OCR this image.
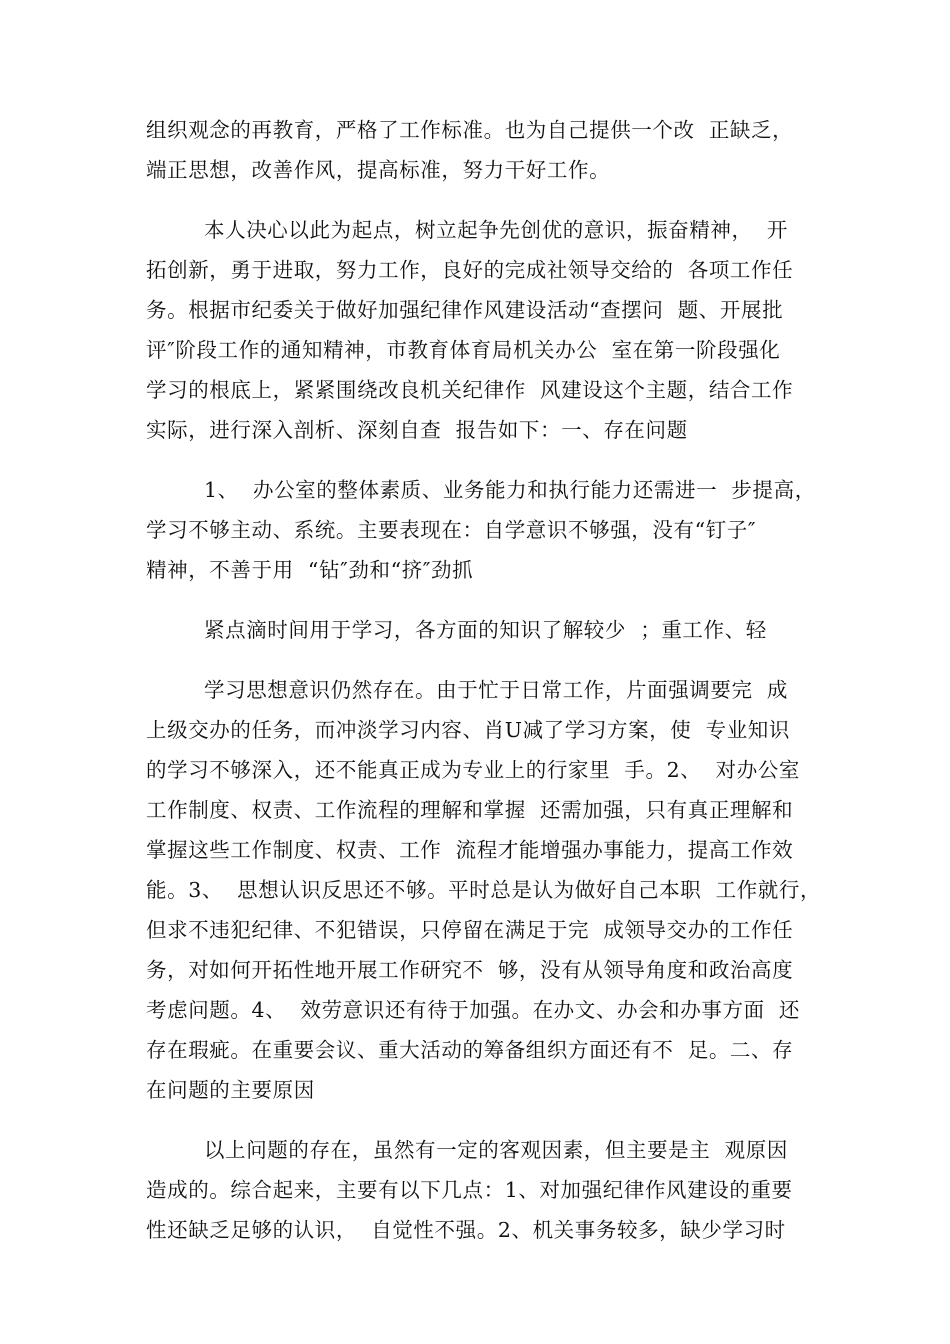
组织观念的再教育，严格了工作标准。也为自己提供一个改  正缺乏，

端正思想，改善作风，提高标准，努力干好工作。

本人决心以此为起点，树立起争先创优的意识，振奋精神，  开

拓创新，勇于进取，努力工作，良好的完成社领导交给的  各项工作任

务。根据市纪委关于做好加强纪律作风建设活动“查摆问  题、开展批

评″阶段工作的通知精神，市教育体育局机关办公  室在第一阶段强化

学习的根底上，紧紧围绕改良机关纪律作  风建设这个主题，结合工作

实际，进行深入剖析、深刻自查  报告如下：一、存在问题

1、  办公室的整体素质、业务能力和执行能力还需进一  步提高，

学习不够主动、系统。主要表现在：自学意识不够强，没有“钉子″

精神，不善于用  “钻″劲和“挤″劲抓

紧点滴时间用于学习，各方面的知识了解较少  ；重工作、轻

学习思想意识仍然存在。由于忙于日常工作，片面强调要完  成

上级交办的任务，而冲淡学习内容、肖U减了学习方案，使  专业知识

的学习不够深入，还不能真正成为专业上的行家里  手。2、  对办公室

工作制度、权责、工作流程的理解和掌握  还需加强，只有真正理解和

掌握这些工作制度、权责、工作  流程才能增强办事能力，提高工作效

能。3、  思想认识反思还不够。平时总是认为做好自己本职  工作就行，

但求不违犯纪律、不犯错误，只停留在满足于完  成领导交办的工作任

务，对如何开拓性地开展工作研究不  够，没有从领导角度和政治高度

考虑问题。4、  效劳意识还有待于加强。在办文、办会和办事方面  还

存在瑕疵。在重要会议、重大活动的筹备组织方面还有不  足。二、存

在问题的主要原因

以上问题的存在，虽然有一定的客观因素，但主要是主  观原因

造成的。综合起来，主要有以下几点：1、对加强纪律作风建设的重要

性还缺乏足够的认识，  自觉性不强。2、机关事务较多，缺少学习时
